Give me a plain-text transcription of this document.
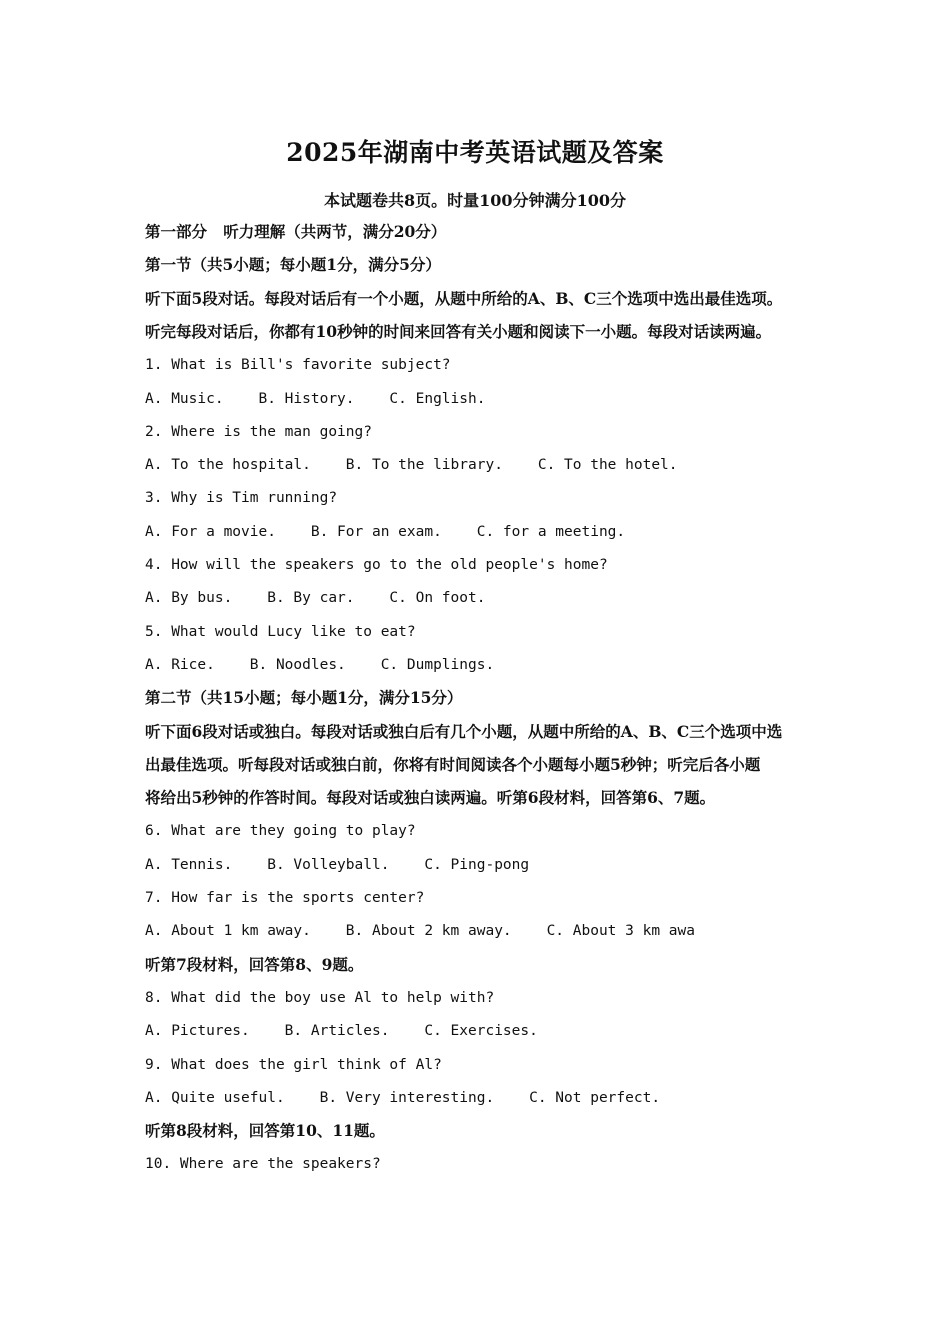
2025年湖南中考英语试题及答案
本试题卷共8页。时量100分钟满分100分
第一部分   听力理解（共两节，满分20分）
第一节（共5小题；每小题1分，满分5分）
听下面5段对话。每段对话后有一个小题，从题中所给的A、B、C三个选项中选出最佳选项。
听完每段对话后，你都有10秒钟的时间来回答有关小题和阅读下一小题。每段对话读两遍。
1. What is Bill's favorite subject?
A. Music.    B. History.    C. English.
2. Where is the man going?
A. To the hospital.    B. To the library.    C. To the hotel.
3. Why is Tim running?
A. For a movie.    B. For an exam.    C. for a meeting.
4. How will the speakers go to the old people's home?
A. By bus.    B. By car.    C. On foot.
5. What would Lucy like to eat?
A. Rice.    B. Noodles.    C. Dumplings.
第二节（共15小题；每小题1分，满分15分）
听下面6段对话或独白。每段对话或独白后有几个小题，从题中所给的A、B、C三个选项中选
出最佳选项。听每段对话或独白前，你将有时间阅读各个小题每小题5秒钟；听完后各小题
将给出5秒钟的作答时间。每段对话或独白读两遍。听第6段材料，回答第6、7题。
6. What are they going to play?
A. Tennis.    B. Volleyball.    C. Ping-pong
7. How far is the sports center?
A. About 1 km away.    B. About 2 km away.    C. About 3 km awa
听第7段材料，回答第8、9题。
8. What did the boy use Al to help with?
A. Pictures.    B. Articles.    C. Exercises.
9. What does the girl think of Al?
A. Quite useful.    B. Very interesting.    C. Not perfect.
听第8段材料，回答第10、11题。
10. Where are the speakers?
